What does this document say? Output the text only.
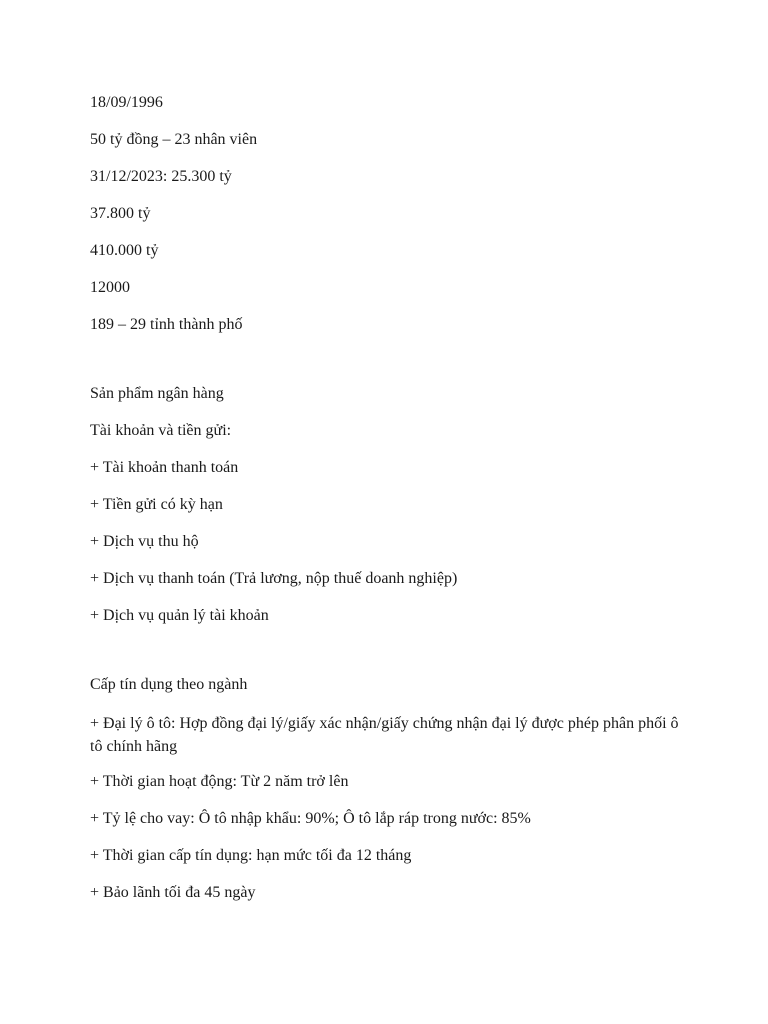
18/09/1996

50 tỷ đồng – 23 nhân viên

31/12/2023: 25.300 tỷ

37.800 tỷ

410.000 tỷ

12000

189 – 29 tỉnh thành phố

Sản phẩm ngân hàng

Tài khoản và tiền gửi:

+ Tài khoản thanh toán

+ Tiền gửi có kỳ hạn

+ Dịch vụ thu hộ

+ Dịch vụ thanh toán (Trả lương, nộp thuế doanh nghiệp)

+ Dịch vụ quản lý tài khoản

Cấp tín dụng theo ngành

+ Đại lý ô tô: Hợp đồng đại lý/giấy xác nhận/giấy chứng nhận đại lý được phép phân phối ô tô chính hãng

+ Thời gian hoạt động: Từ 2 năm trở lên

+ Tỷ lệ cho vay: Ô tô nhập khẩu: 90%; Ô tô lắp ráp trong nước: 85%

+ Thời gian cấp tín dụng: hạn mức tối đa 12 tháng

+ Bảo lãnh tối đa 45 ngày
